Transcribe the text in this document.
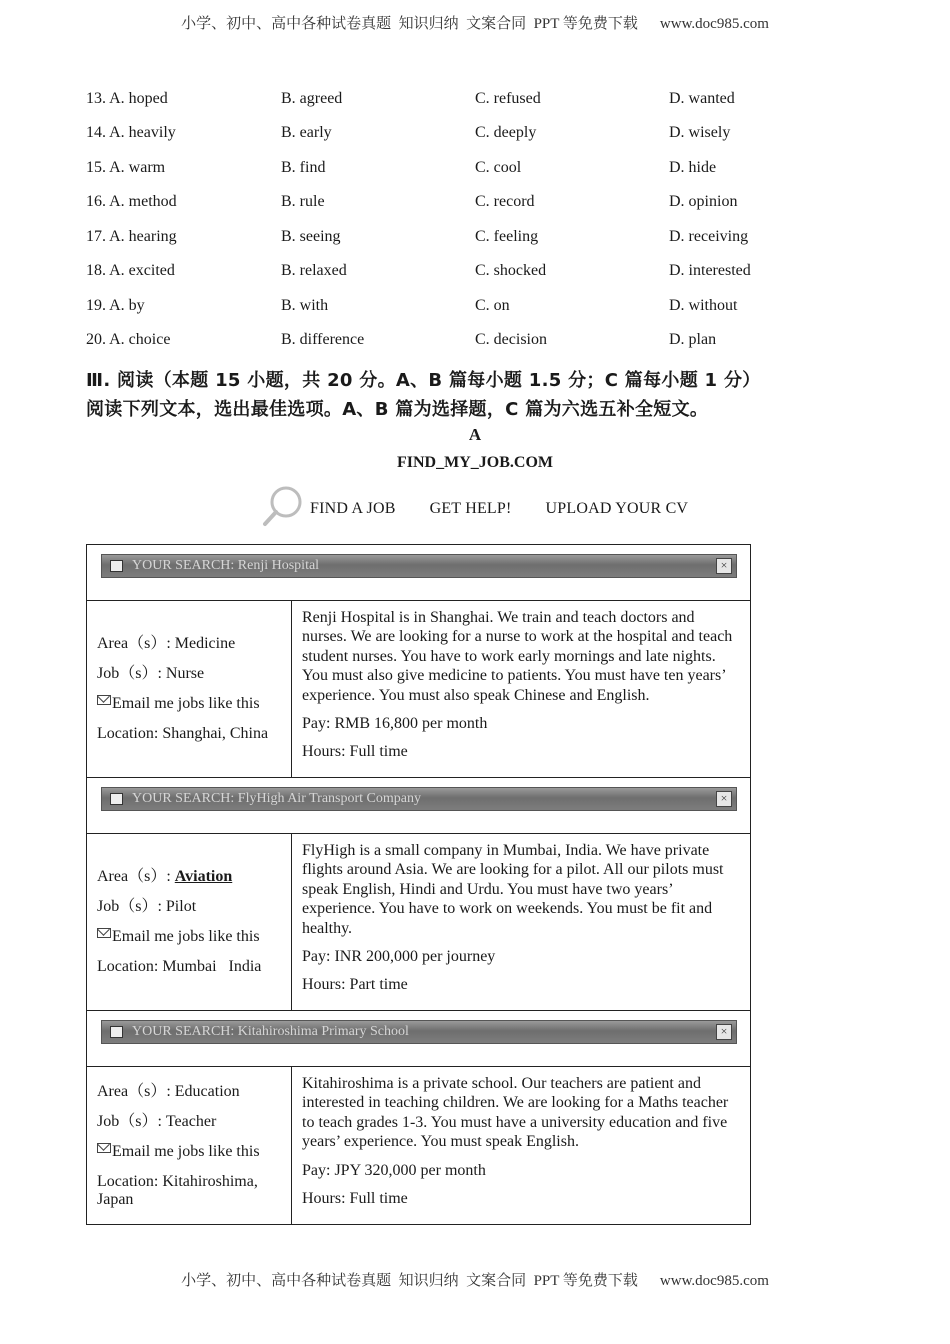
小学、初中、高中各种试卷真题  知识归纳  文案合同  PPT 等免费下载 www.doc985.com
13. A. hoped	B. agreed	C. refused	D. wanted
14. A. heavily	B. early	C. deeply	D. wisely
15. A. warm	B. find	C. cool	D. hide
16. A. method	B. rule	C. record	D. opinion
17. A. hearing	B. seeing	C. feeling	D. receiving
18. A. excited	B. relaxed	C. shocked	D. interested
19. A. by	B. with	C. on	D. without
20. A. choice	B. difference	C. decision	D. plan
Ⅲ. 阅读（本题 15 小题，共 20 分。A、B 篇每小题 1.5 分；C 篇每小题 1 分）
阅读下列文本，选出最佳选项。A、B 篇为选择题，C 篇为六选五补全短文。
A
FIND_MY_JOB.COM
FIND A JOB GET HELP! UPLOAD YOUR CV
YOUR SEARCH: Renji Hospital	×
Area（s）: Medicine
Job（s）: Nurse
Email me jobs like this
Location: Shanghai, China

Renji Hospital is in Shanghai. We train and teach doctors and nurses. We are looking for a nurse to work at the hospital and teach student nurses. You have to work early mornings and late nights. You must also give medicine to patients. You must have ten years’ experience. You must also speak Chinese and English.

Pay: RMB 16,800 per month

Hours: Full time

YOUR SEARCH: FlyHigh Air Transport Company	×
Area（s）: Aviation
Job（s）: Pilot
Email me jobs like this
Location: Mumbai   India

FlyHigh is a small company in Mumbai, India. We have private flights around Asia. We are looking for a pilot. All our pilots must speak English, Hindi and Urdu. You must have two years’ experience. You have to work on weekends. You must be fit and healthy.

Pay: INR 200,000 per journey

Hours: Part time

YOUR SEARCH: Kitahiroshima Primary School	×
Area（s）: Education
Job（s）: Teacher
Email me jobs like this
Location: Kitahiroshima, Japan

Kitahiroshima is a private school. Our teachers are patient and interested in teaching children. We are looking for a Maths teacher to teach grades 1-3. You must have a university education and five years’ experience. You must speak English.

Pay: JPY 320,000 per month

Hours: Full time

小学、初中、高中各种试卷真题  知识归纳  文案合同  PPT 等免费下载 www.doc985.com
